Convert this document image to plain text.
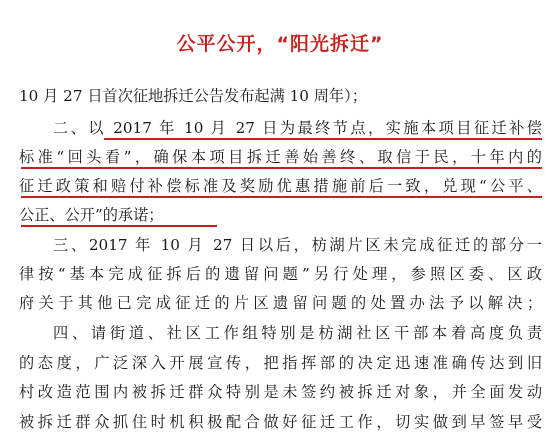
公平公开，“阳光拆迁”
10 月 27 日首次征地拆迁公告发布起满 10 周年）；
二、以 2017 年 10 月 27 日为最终节点，实施本项目征迁补偿
标准“回头看”，确保本项目拆迁善始善终、取信于民，十年内的
征迁政策和赔付补偿标准及奖励优惠措施前后一致，兑现“公平、
公正、公开”的承诺；
三、2017 年 10 月 27 日以后，枋湖片区未完成征迁的部分一
律按“基本完成征拆后的遗留问题”另行处理，参照区委、区政
府关于其他已完成征迁的片区遗留问题的处置办法予以解决；
四、请街道、社区工作组特别是枋湖社区干部本着高度负责
的态度，广泛深入开展宣传，把指挥部的决定迅速准确传达到旧
村改造范围内被拆迁群众特别是未签约被拆迁对象，并全面发动
被拆迁群众抓住时机积极配合做好征迁工作，切实做到早签早受
